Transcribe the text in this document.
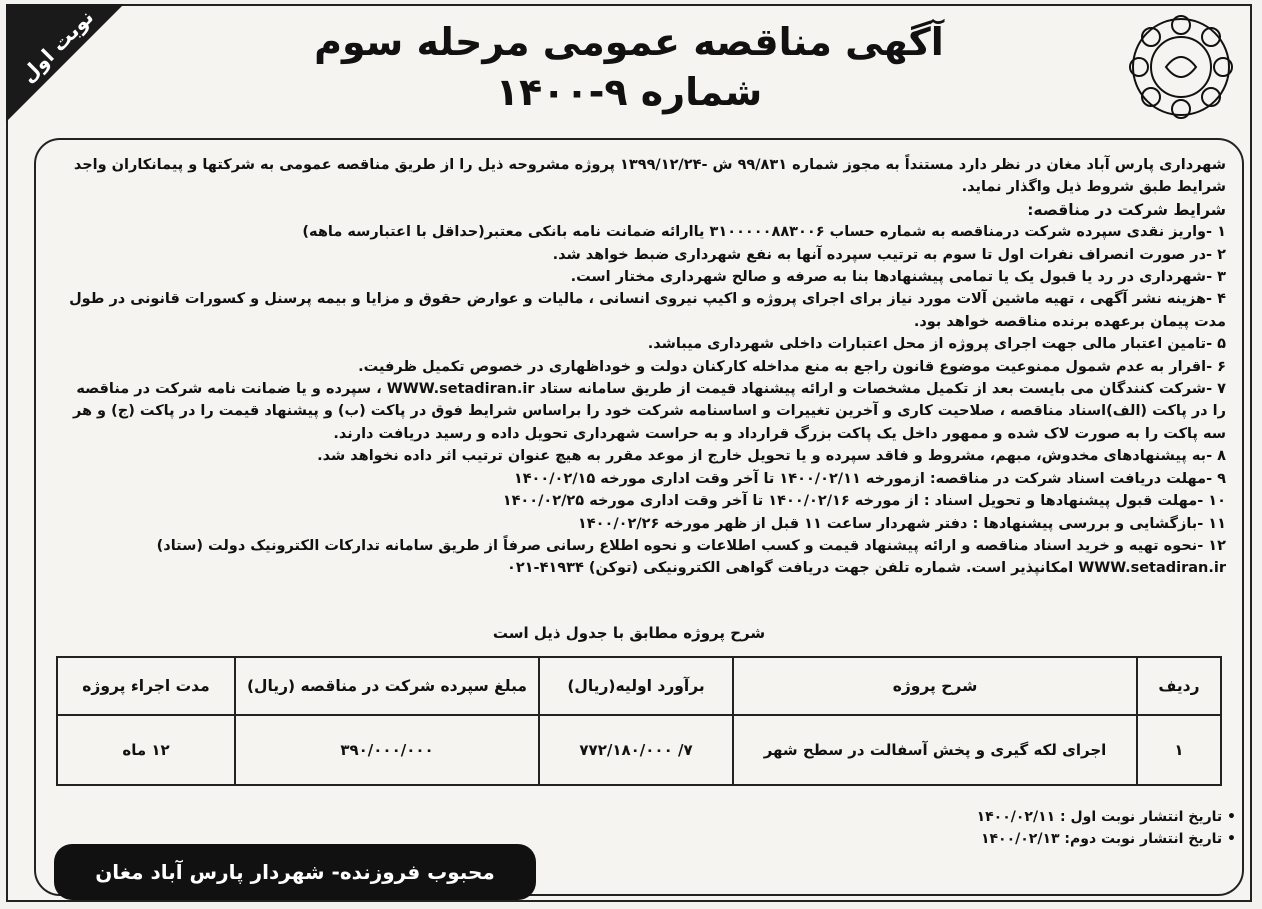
نوبت اول	آگهی مناقصه عمومی مرحله سوم
شماره ۹-۱۴۰۰

شهرداری پارس آباد مغان در نظر دارد مستنداً به مجوز شماره ۹۹/۸۳۱ ش -۱۳۹۹/۱۲/۲۴ پروژه مشروحه ذیل را از طریق مناقصه عمومی به شرکتها و پیمانکاران واجد شرایط طبق شروط ذیل واگذار نماید.

شرایط شرکت در مناقصه:

۱ -واریز نقدی سپرده شرکت درمناقصه به شماره حساب ۳۱۰۰۰۰۰۸۸۳۰۰۶ یاارائه ضمانت نامه بانکی معتبر(حداقل با اعتبارسه ماهه)

۲ -در صورت انصراف نفرات اول تا سوم به ترتیب سپرده آنها به نفع شهرداری ضبط خواهد شد.

۳ -شهرداری در رد یا قبول یک یا تمامی پیشنهادها بنا به صرفه و صالح شهرداری مختار است.

۴ -هزینه نشر آگهی ، تهیه ماشین آلات مورد نیاز برای اجرای پروژه و اکیپ نیروی انسانی ، مالیات و عوارض حقوق و مزایا و بیمه پرسنل و کسورات قانونی در طول مدت پیمان برعهده برنده مناقصه خواهد بود.

۵ -تامین اعتبار مالی جهت اجرای پروژه از محل اعتبارات داخلی شهرداری میباشد.

۶ -اقرار به عدم شمول ممنوعیت موضوع قانون راجع به منع مداخله کارکنان دولت و خوداظهاری در خصوص تکمیل ظرفیت.

۷ -شرکت کنندگان می بایست بعد از تکمیل مشخصات و ارائه پیشنهاد قیمت از طریق سامانه ستاد WWW.setadiran.ir ، سپرده و یا ضمانت نامه شرکت در مناقصه را در پاکت (الف)اسناد مناقصه ، صلاحیت کاری و آخرین تغییرات و اساسنامه شرکت خود را براساس شرایط فوق در پاکت (ب) و پیشنهاد قیمت را در پاکت (ج) و هر سه پاکت را به صورت لاک شده و ممهور داخل یک پاکت بزرگ قرارداد و به حراست شهرداری تحویل داده و رسید دریافت دارند.

۸ -به پیشنهادهای مخدوش، مبهم، مشروط و فاقد سپرده و یا تحویل خارج از موعد مقرر به هیچ عنوان ترتیب اثر داده نخواهد شد.

۹ -مهلت دریافت اسناد شرکت در مناقصه: ازمورخه ۱۴۰۰/۰۲/۱۱ تا آخر وقت اداری مورخه ۱۴۰۰/۰۲/۱۵

۱۰ -مهلت قبول پیشنهادها و تحویل اسناد : از مورخه ۱۴۰۰/۰۲/۱۶ تا آخر وقت اداری مورخه ۱۴۰۰/۰۲/۲۵

۱۱ -بازگشایی و بررسی پیشنهادها : دفتر شهردار ساعت ۱۱ قبل از ظهر مورخه ۱۴۰۰/۰۲/۲۶

۱۲ -نحوه تهیه و خرید اسناد مناقصه و ارائه پیشنهاد قیمت و کسب اطلاعات و نحوه اطلاع رسانی صرفاً از طریق سامانه تدارکات الکترونیک دولت (ستاد) WWW.setadiran.ir امکانپذیر است. شماره تلفن جهت دریافت گواهی الکترونیکی (توکن) ۴۱۹۳۴-۰۲۱

شرح پروژه مطابق با جدول ذیل است
ردیف	شرح پروژه	برآورد اولیه(ریال)	مبلغ سپرده شرکت در مناقصه (ریال)	مدت اجراء پروژه
۱	اجرای لکه گیری و پخش آسفالت در سطح شهر	۷/ ۷۷۲/۱۸۰/۰۰۰	۳۹۰/۰۰۰/۰۰۰	۱۲ ماه
• تاریخ انتشار نوبت اول : ۱۴۰۰/۰۲/۱۱
• تاریخ انتشار نوبت دوم: ۱۴۰۰/۰۲/۱۳
محبوب فروزنده- شهردار پارس آباد مغان
